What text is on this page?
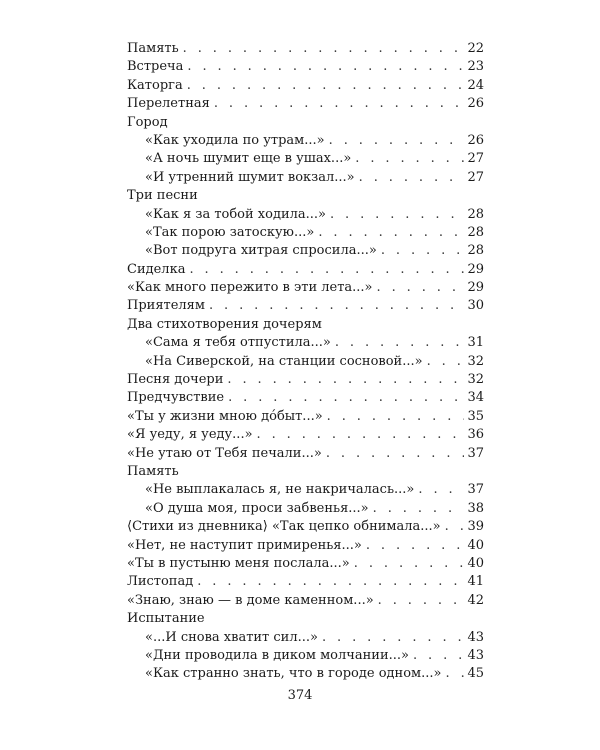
Память . . .	22
Встреча . . .	23
Каторга . . .	24
Перелетная . . .	26
Город
«Как уходила по утрам...» . . .	26
«А ночь шумит еще в ушах...» . . .	27
«И утренний шумит вокзал...» . . .	27
Три песни
«Как я за тобой ходила...» . . .	28
«Так порою затоскую...» . . .	28
«Вот подруга хитрая спросила...» . . .	28
Сиделка . . .	29
«Как много пережито в эти лета...» . . .	29
Приятелям . . .	30
Два стихотворения дочерям
«Сама я тебя отпустила...» . . .	31
«На Сиверской, на станции сосновой...» . . .	32
Песня дочери . . .	32
Предчувствие . . .	34
«Ты у жизни мною дóбыт...» . . .	35
«Я уеду, я уеду...» . . .	36
«Не утаю от Тебя печали...» . . .	37
Память
«Не выплакалась я, не накричалась...» . . .	37
«О душа моя, проси забвенья...» . . .	38
⟨Стихи из дневника⟩ «Так цепко обнимала...» . . .	39
«Нет, не наступит примиренья...» . . .	40
«Ты в пустыню меня послала...» . . .	40
Листопад . . .	41
«Знаю, знаю — в доме каменном...» . . .	42
Испытание
«...И снова хватит сил...» . . .	43
«Дни проводила в диком молчании...» . . .	43
«Как странно знать, что в городе одном...» . . .	45
374
